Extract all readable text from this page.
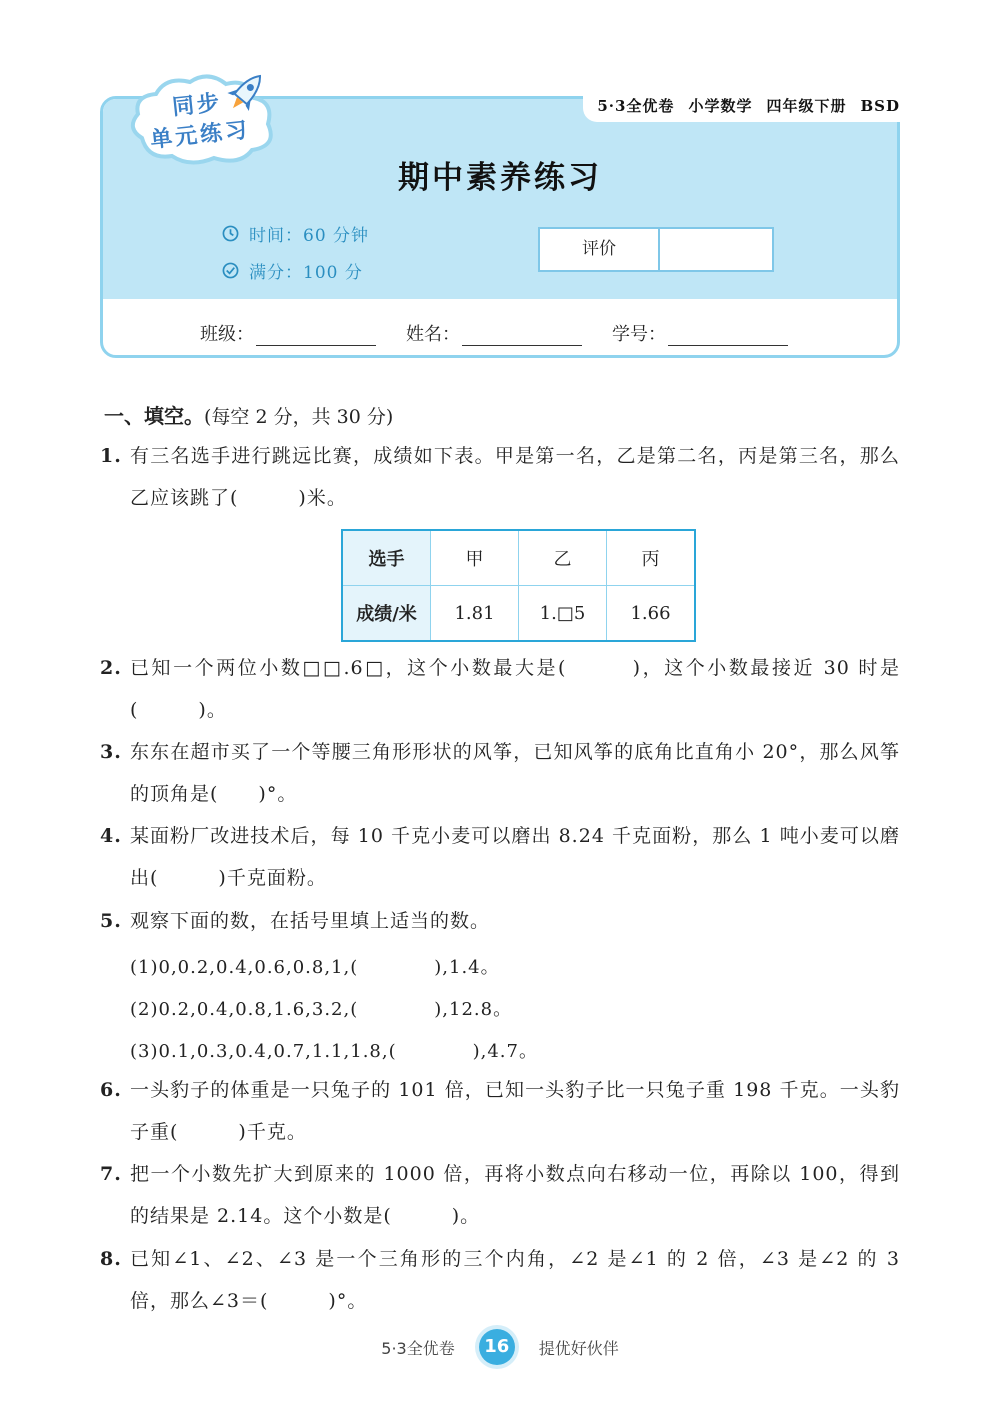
5·3全优卷 小学数学 四年级下册 BSD
同步
单元练习
期中素养练习
时间：60 分钟
满分：100 分
评价
班级：	姓名：	学号：
一、填空。(每空 2 分，共 30 分)
1. 有三名选手进行跳远比赛，成绩如下表。甲是第一名，乙是第二名，丙是第三名，那么乙应该跳了(　　　)米。
选手	甲	乙	丙
成绩/米	1.81	1.□5	1.66
2. 已知一个两位小数□□.6□，这个小数最大是(　　　)，这个小数最接近 30 时是(　　　)。
3. 东东在超市买了一个等腰三角形形状的风筝，已知风筝的底角比直角小 20°，那么风筝的顶角是(　　)°。
4. 某面粉厂改进技术后，每 10 千克小麦可以磨出 8.24 千克面粉，那么 1 吨小麦可以磨出(　　　)千克面粉。
5. 观察下面的数，在括号里填上适当的数。
(1)0,0.2,0.4,0.6,0.8,1,(　　　　),1.4。
(2)0.2,0.4,0.8,1.6,3.2,(　　　　),12.8。
(3)0.1,0.3,0.4,0.7,1.1,1.8,(　　　　),4.7。
6. 一头豹子的体重是一只兔子的 101 倍，已知一头豹子比一只兔子重 198 千克。一头豹子重(　　　)千克。
7. 把一个小数先扩大到原来的 1000 倍，再将小数点向右移动一位，再除以 100，得到的结果是 2.14。这个小数是(　　　)。
8. 已知∠1、∠2、∠3 是一个三角形的三个内角，∠2 是∠1 的 2 倍，∠3 是∠2 的 3 倍，那么∠3＝(　　　)°。
5·3全优卷	16	提优好伙伴
